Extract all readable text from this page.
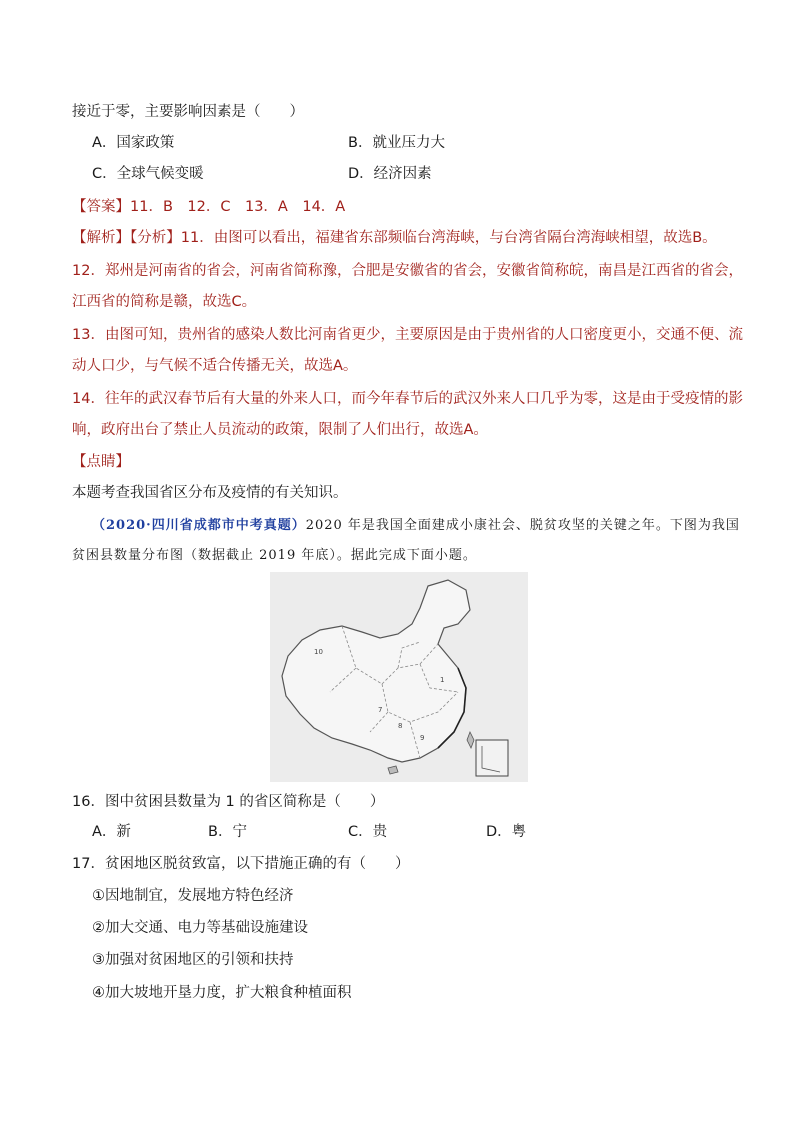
接近于零，主要影响因素是（　　）
A．国家政策	B．就业压力大
C．全球气候变暖	D．经济因素
【答案】11．B　12．C　13．A　14．A
【解析】【分析】11．由图可以看出，福建省东部频临台湾海峡，与台湾省隔台湾海峡相望，故选B。
12．郑州是河南省的省会，河南省简称豫，合肥是安徽省的省会，安徽省简称皖，南昌是江西省的省会，
江西省的简称是赣，故选C。
13．由图可知，贵州省的感染人数比河南省更少，主要原因是由于贵州省的人口密度更小，交通不便、流
动人口少，与气候不适合传播无关，故选A。
14．往年的武汉春节后有大量的外来人口，而今年春节后的武汉外来人口几乎为零，这是由于受疫情的影
响，政府出台了禁止人员流动的政策，限制了人们出行，故选A。
【点睛】
本题考查我国省区分布及疫情的有关知识。
（2020·四川省成都市中考真题）2020 年是我国全面建成小康社会、脱贫攻坚的关键之年。下图为我国
贫困县数量分布图（数据截止 2019 年底）。据此完成下面小题。
10
7
8
9
1
16．图中贫困县数量为 1 的省区简称是（　　）
A．新	B．宁	C．贵	D．粤
17．贫困地区脱贫致富，以下措施正确的有（　　）
①因地制宜，发展地方特色经济
②加大交通、电力等基础设施建设
③加强对贫困地区的引领和扶持
④加大坡地开垦力度，扩大粮食种植面积
